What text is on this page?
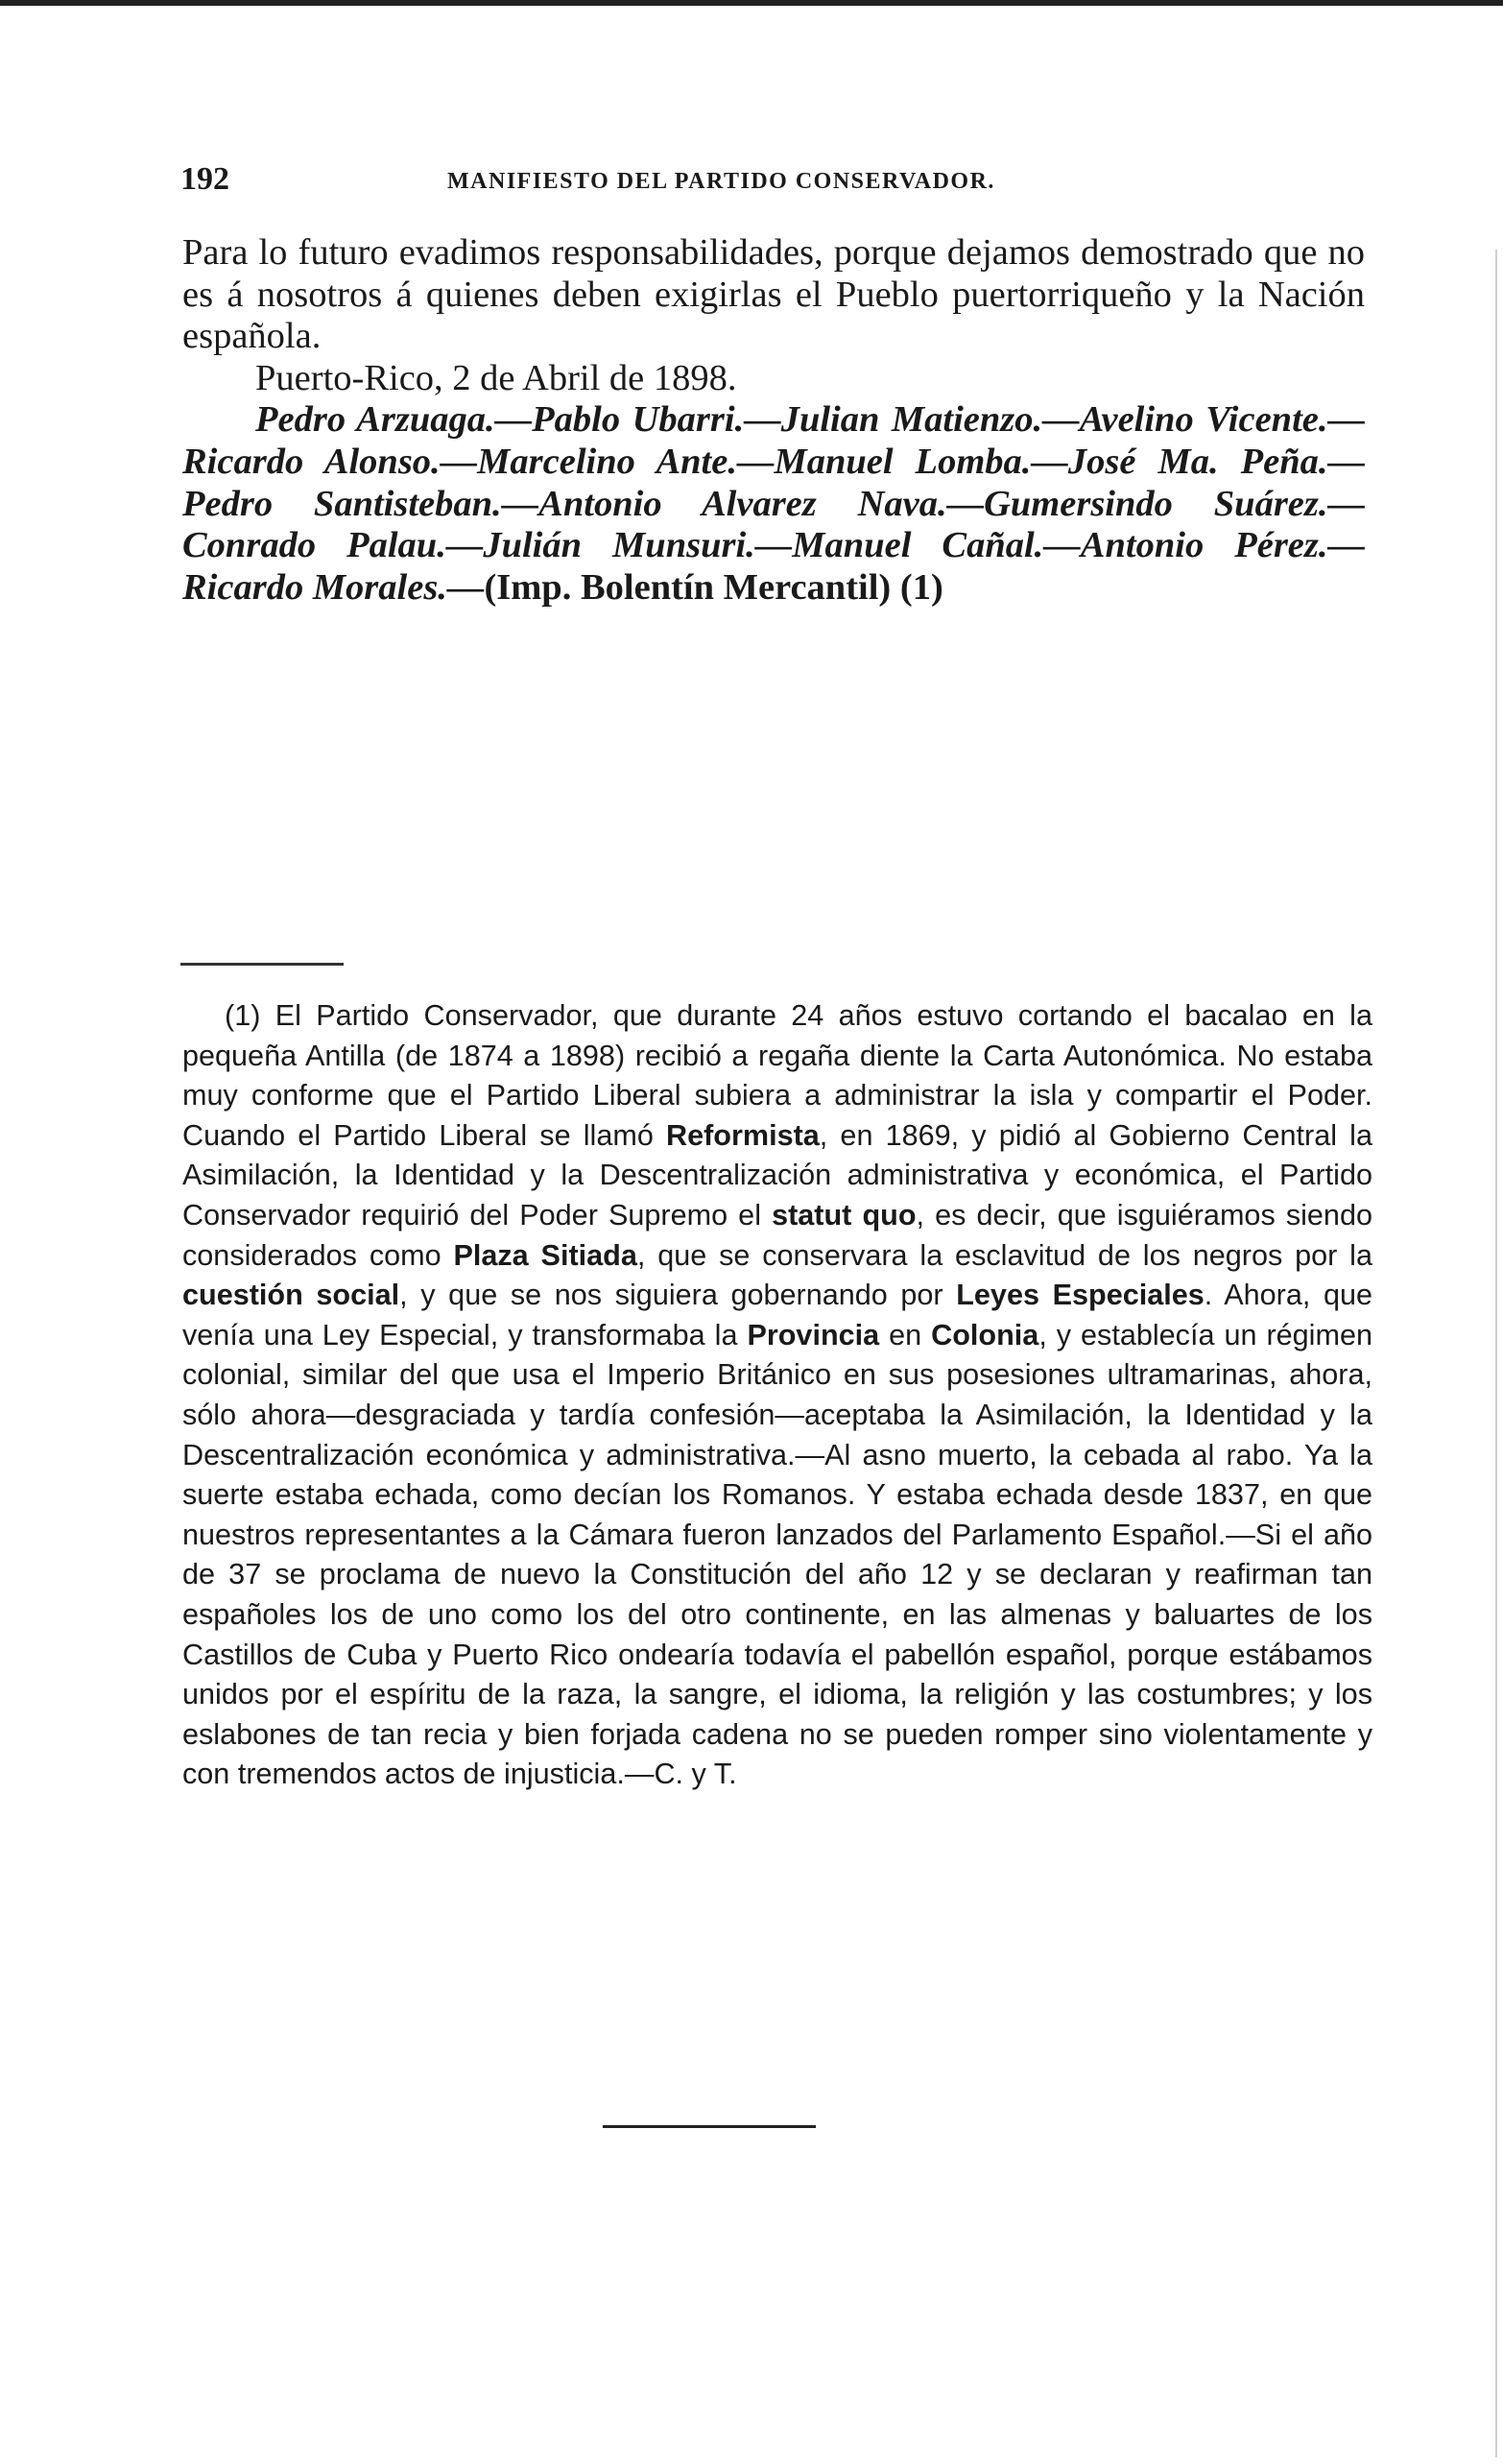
192	MANIFIESTO DEL PARTIDO CONSERVADOR.

Para lo futuro evadimos responsabilidades, porque dejamos demostrado que no es á nosotros á quienes deben exigirlas el Pueblo puertorriqueño y la Nación española.

Puerto-Rico, 2 de Abril de 1898.

Pedro Arzuaga.—Pablo Ubarri.—Julian Matienzo.—Avelino Vicente.—Ricardo Alonso.—Marcelino Ante.—Manuel Lomba.—José Ma. Peña.—Pedro Santisteban.—Antonio Alvarez Nava.—Gumersindo Suárez.—Conrado Palau.—Julián Munsuri.—Manuel Cañal.—Antonio Pérez.—Ricardo Morales.—(Imp. Bolentín Mercantil) (1)

(1) El Partido Conservador, que durante 24 años estuvo cortando el bacalao en la pequeña Antilla (de 1874 a 1898) recibió a regaña diente la Carta Autonómica. No estaba muy conforme que el Partido Liberal subiera a administrar la isla y compartir el Poder. Cuando el Partido Liberal se llamó Reformista, en 1869, y pidió al Gobierno Central la Asimilación, la Identidad y la Descentralización administrativa y económica, el Partido Conservador requirió del Poder Supremo el statut quo, es decir, que isguiéramos siendo considerados como Plaza Sitiada, que se conservara la esclavitud de los negros por la cuestión social, y que se nos siguiera gobernando por Leyes Especiales. Ahora, que venía una Ley Especial, y transformaba la Provincia en Colonia, y establecía un régimen colonial, similar del que usa el Imperio Británico en sus posesiones ultramarinas, ahora, sólo ahora—desgraciada y tardía confesión—aceptaba la Asimilación, la Identidad y la Descentralización económica y administrativa.—Al asno muerto, la cebada al rabo. Ya la suerte estaba echada, como decían los Romanos. Y estaba echada desde 1837, en que nuestros representantes a la Cámara fueron lanzados del Parlamento Español.—Si el año de 37 se proclama de nuevo la Constitución del año 12 y se declaran y reafirman tan españoles los de uno como los del otro continente, en las almenas y baluartes de los Castillos de Cuba y Puerto Rico ondearía todavía el pabellón español, porque estábamos unidos por el espíritu de la raza, la sangre, el idioma, la religión y las costumbres; y los eslabones de tan recia y bien forjada cadena no se pueden romper sino violentamente y con tremendos actos de injusticia.—C. y T.
